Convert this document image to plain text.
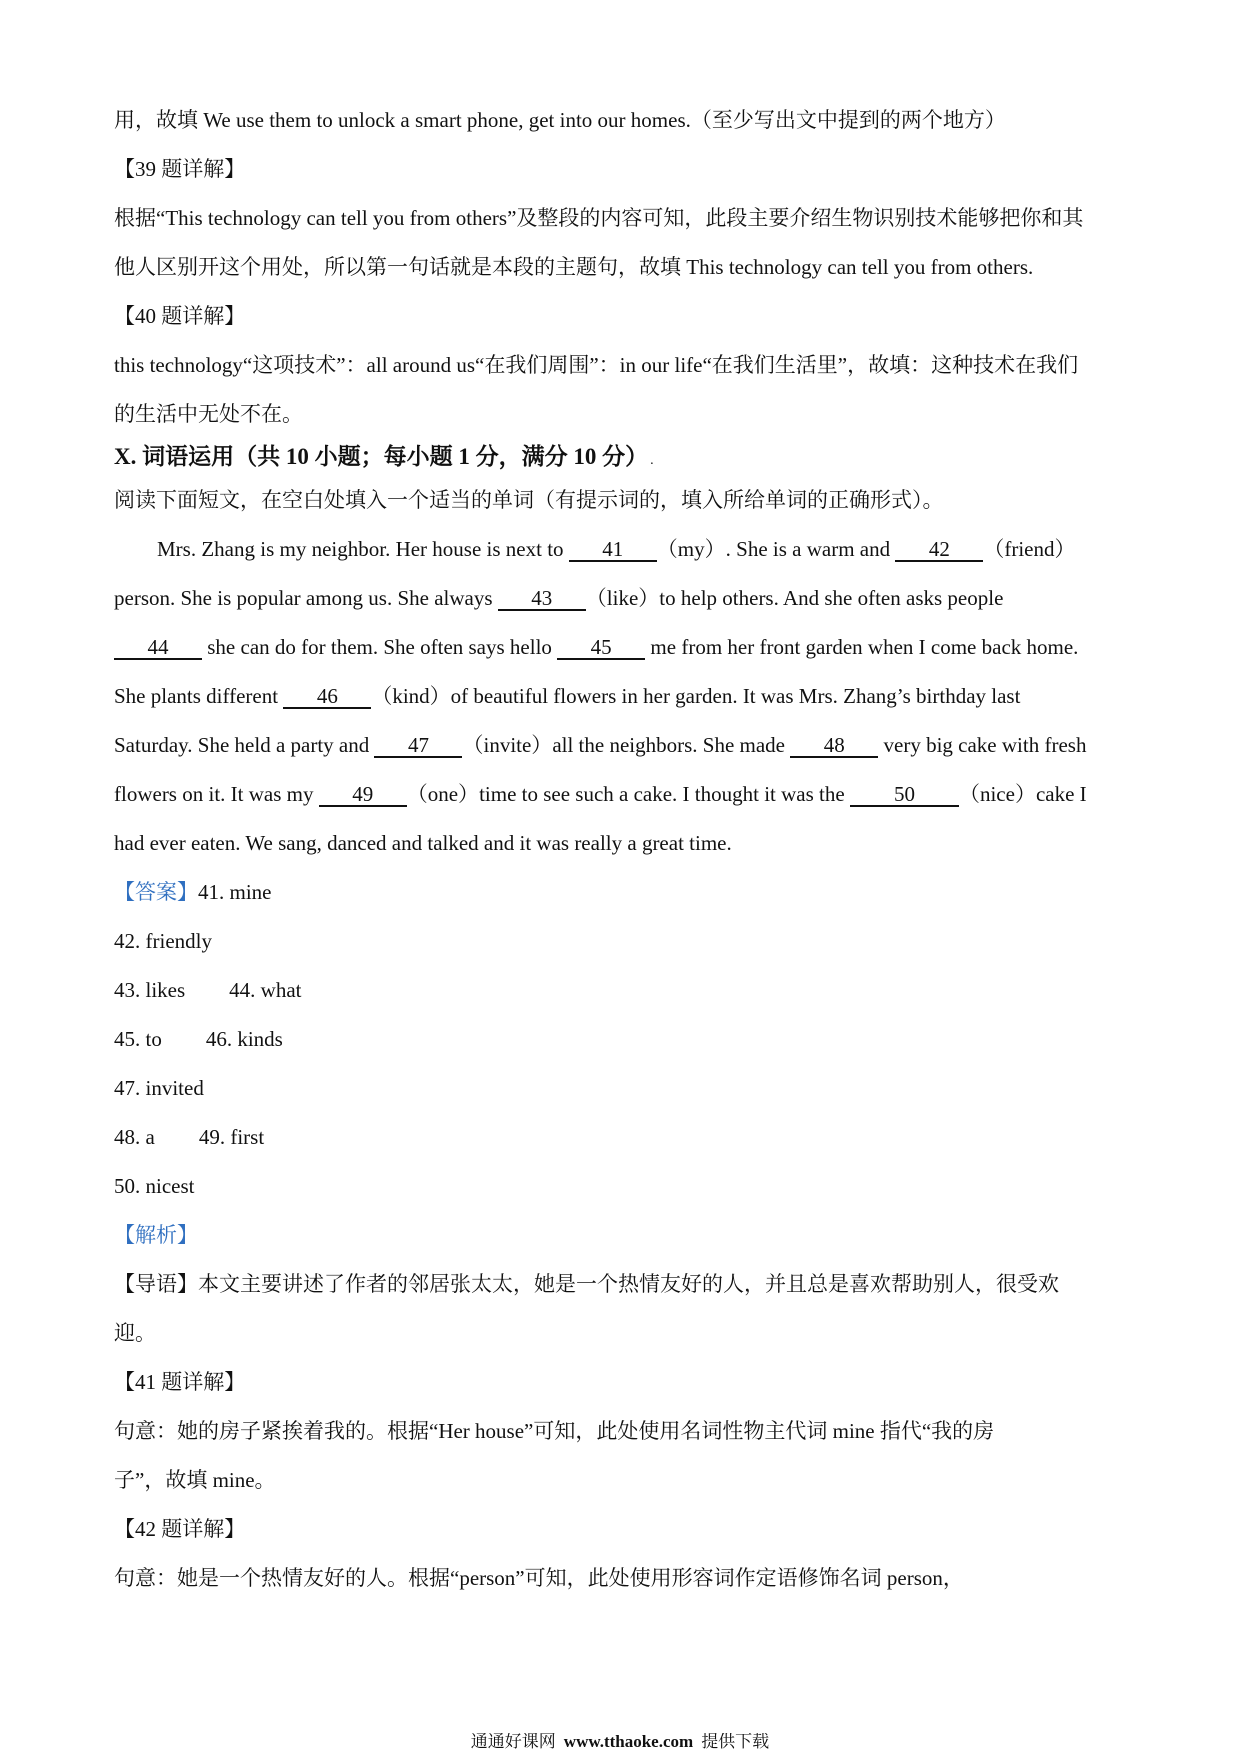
用，故填 We use them to unlock a smart phone, get into our homes.（至少写出文中提到的两个地方）
【39 题详解】
根据“This technology can tell you from others”及整段的内容可知，此段主要介绍生物识别技术能够把你和其
他人区别开这个用处，所以第一句话就是本段的主题句，故填 This technology can tell you from others.
【40 题详解】
this technology“这项技术”：all around us“在我们周围”：in our life“在我们生活里”，故填：这种技术在我们
的生活中无处不在。
X. 词语运用（共 10 小题；每小题 1 分，满分 10 分） .
阅读下面短文，在空白处填入一个适当的单词（有提示词的，填入所给单词的正确形式）。
Mrs. Zhang is my neighbor. Her house is next to 41 （my）. She is a warm and 42 （friend）
person. She is popular among us. She always 43 （like）to help others. And she often asks people
44 she can do for them. She often says hello 45 me from her front garden when I come back home.
She plants different 46 （kind）of beautiful flowers in her garden. It was Mrs. Zhang’s birthday last
Saturday. She held a party and 47 （invite）all the neighbors. She made 48 very big cake with fresh
flowers on it. It was my 49 （one）time to see such a cake. I thought it was the 50 （nice）cake I
had ever eaten. We sang, danced and talked and it was really a great time.
【答案】41. mine
42. friendly
43. likes 44. what
45. to 46. kinds
47. invited
48. a 49. first
50. nicest
【解析】
【导语】本文主要讲述了作者的邻居张太太，她是一个热情友好的人，并且总是喜欢帮助别人，很受欢
迎。
【41 题详解】
句意：她的房子紧挨着我的。根据“Her house”可知，此处使用名词性物主代词 mine 指代“我的房
子”，故填 mine。
【42 题详解】
句意：她是一个热情友好的人。根据“person”可知，此处使用形容词作定语修饰名词 person，
通通好课网 www.tthaoke.com 提供下载
